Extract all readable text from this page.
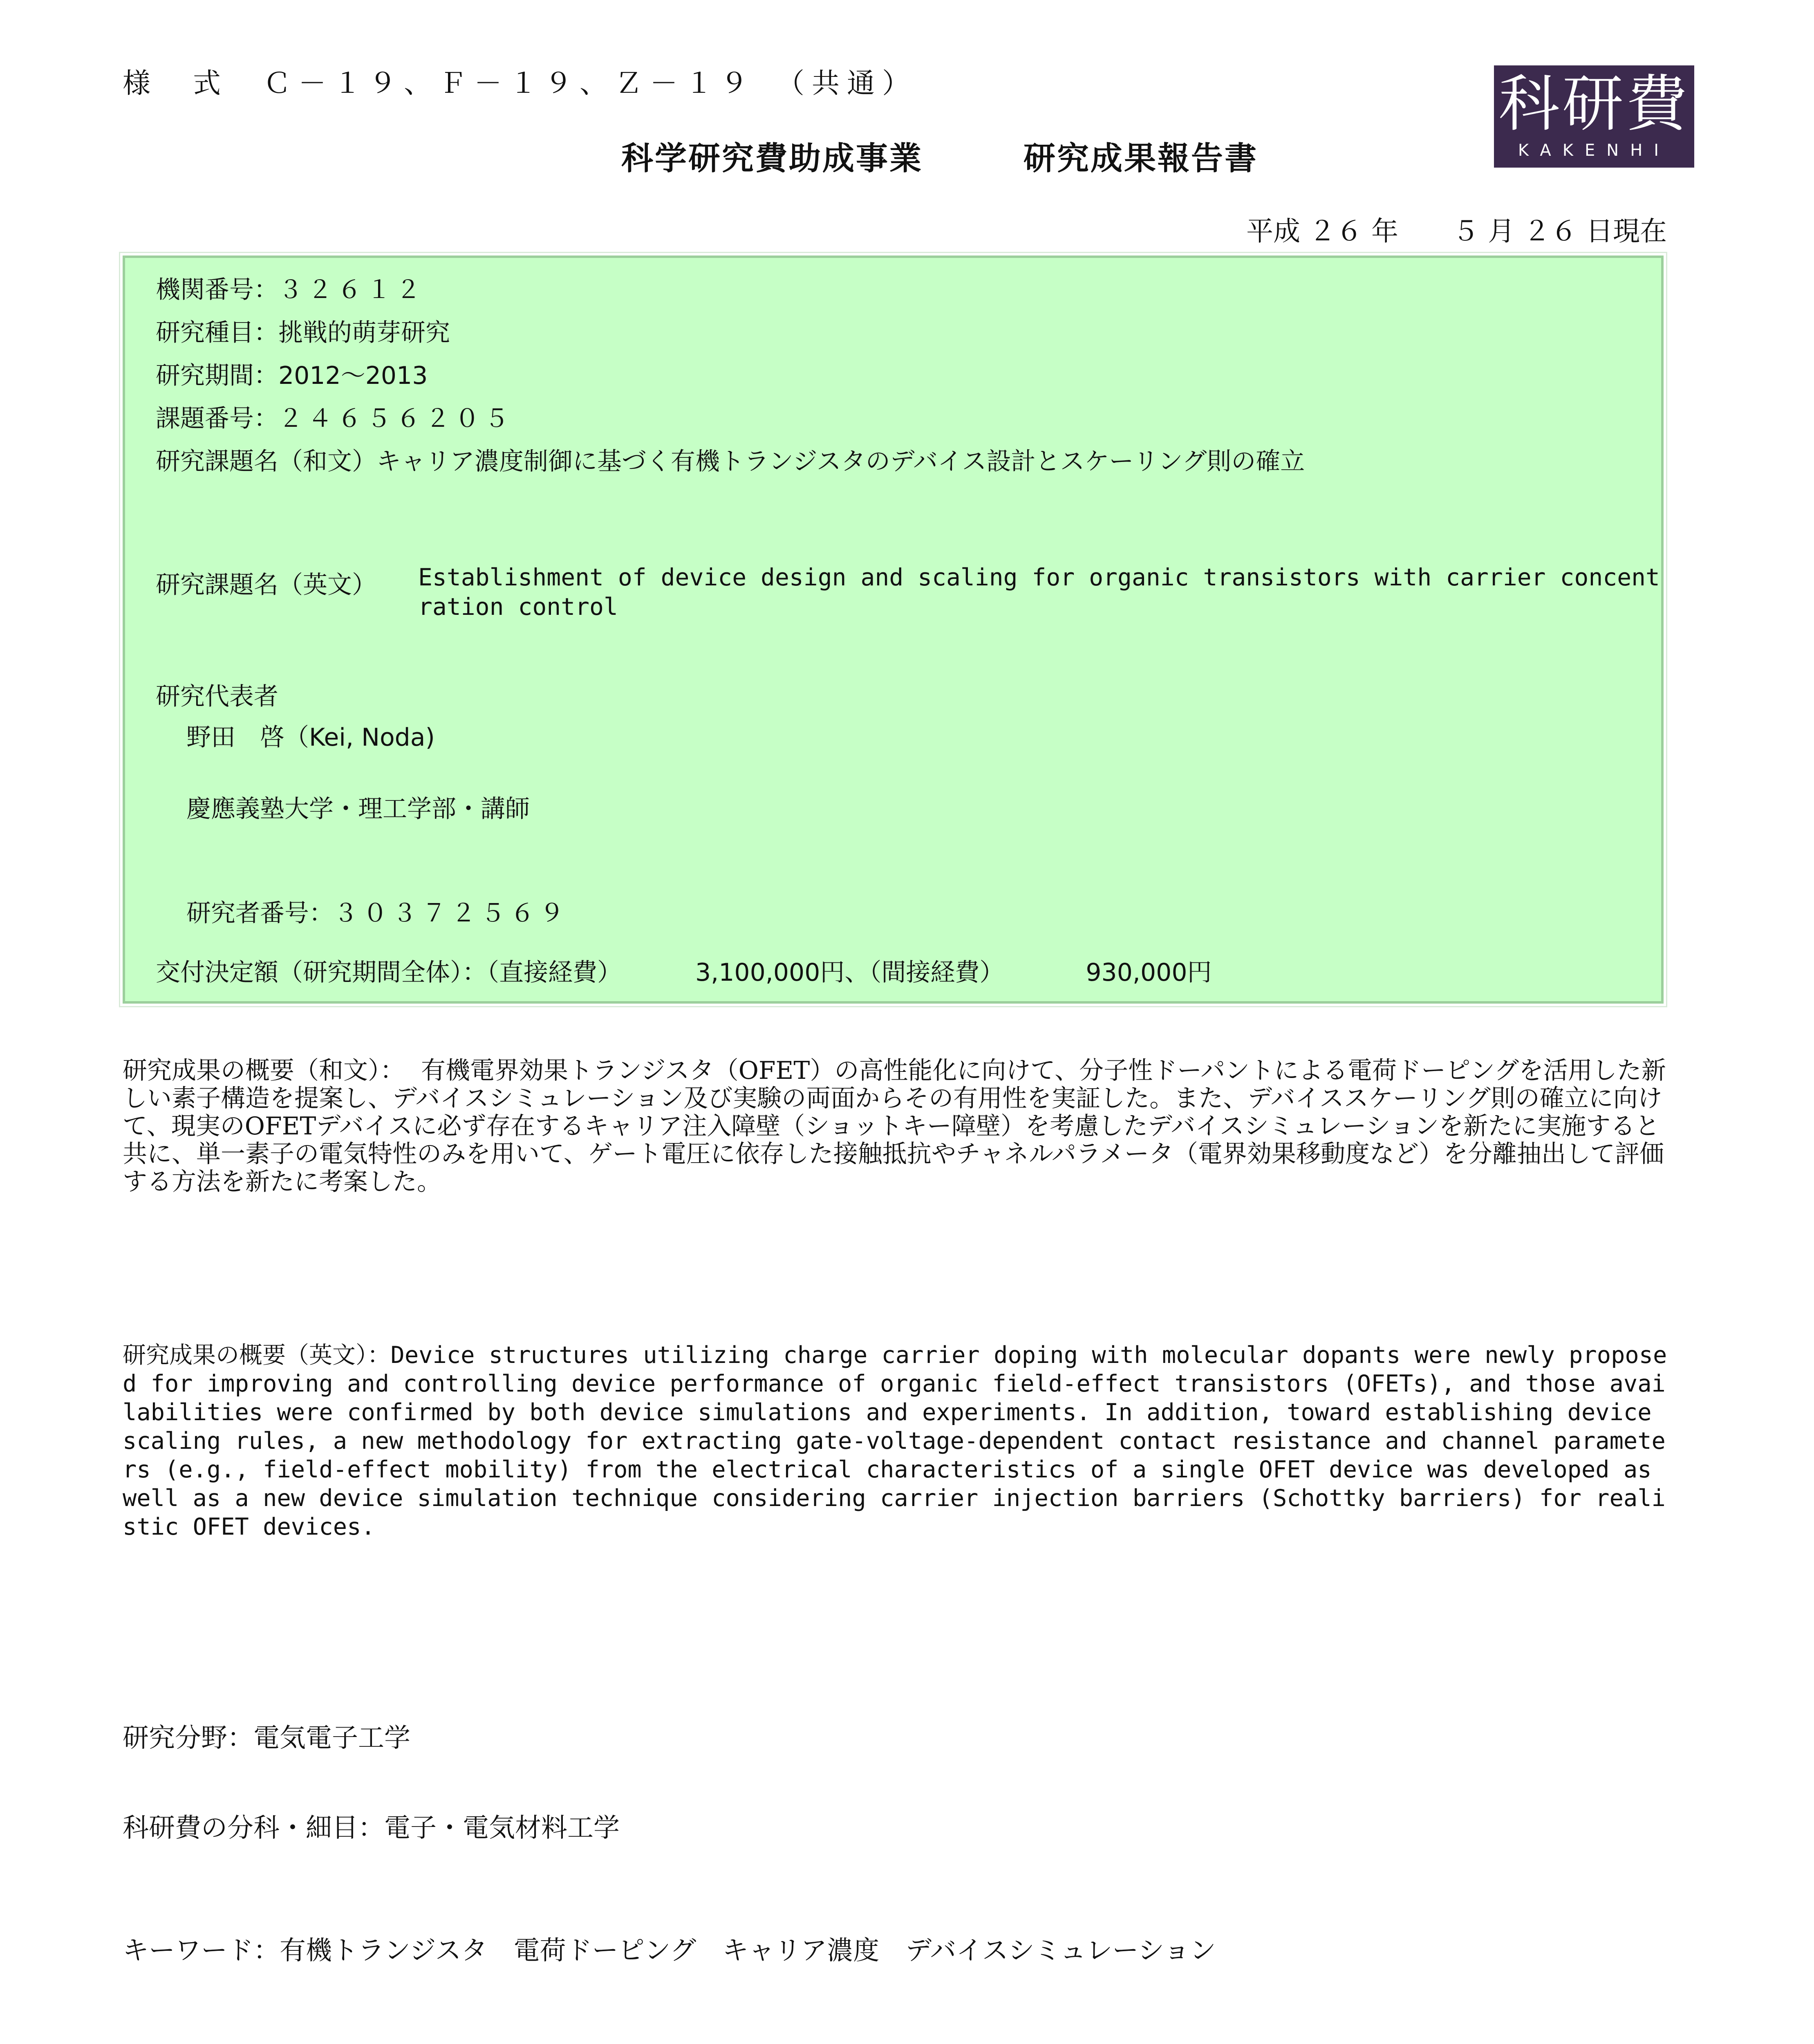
様　式　Ｃ－１９、Ｆ－１９、Ｚ－１９　（共通）
科学研究費助成事業　　　研究成果報告書
科研費
KAKENHI
平成 ２６ 年　　５ 月 ２６ 日現在
機関番号：３２６１２
研究種目：挑戦的萌芽研究
研究期間：2012～2013
課題番号：２４６５６２０５
研究課題名（和文）キャリア濃度制御に基づく有機トランジスタのデバイス設計とスケーリング則の確立
研究課題名（英文） Establishment of device design and scaling for organic transistors with carrier concentration control
研究代表者
野田　啓（Kei, Noda)
慶應義塾大学・理工学部・講師
研究者番号：３０３７２５６９
交付決定額（研究期間全体）：（直接経費）	3,100,000円、（間接経費）	930,000円
研究成果の概要（和文）： 有機電界効果トランジスタ（OFET）の高性能化に向けて、分子性ドーパントによる電荷ドーピングを活用した新しい素子構造を提案し、デバイスシミュレーション及び実験の両面からその有用性を実証した。また、デバイススケーリング則の確立に向けて、現実のOFETデバイスに必ず存在するキャリア注入障壁（ショットキー障壁）を考慮したデバイスシミュレーションを新たに実施すると共に、単一素子の電気特性のみを用いて、ゲート電圧に依存した接触抵抗やチャネルパラメータ（電界効果移動度など）を分離抽出して評価する方法を新たに考案した。
研究成果の概要（英文）：Device structures utilizing charge carrier doping with molecular dopants were newly proposed for improving and controlling device performance of organic field-effect transistors (OFETs), and those availabilities were confirmed by both device simulations and experiments. In addition, toward establishing device scaling rules, a new methodology for extracting gate-voltage-dependent contact resistance and channel parameters (e.g., field-effect mobility) from the electrical characteristics of a single OFET device was developed as well as a new device simulation technique considering carrier injection barriers (Schottky barriers) for realistic OFET devices.
研究分野：電気電子工学
科研費の分科・細目：電子・電気材料工学
キーワード：有機トランジスタ　電荷ドーピング　キャリア濃度　デバイスシミュレーション
